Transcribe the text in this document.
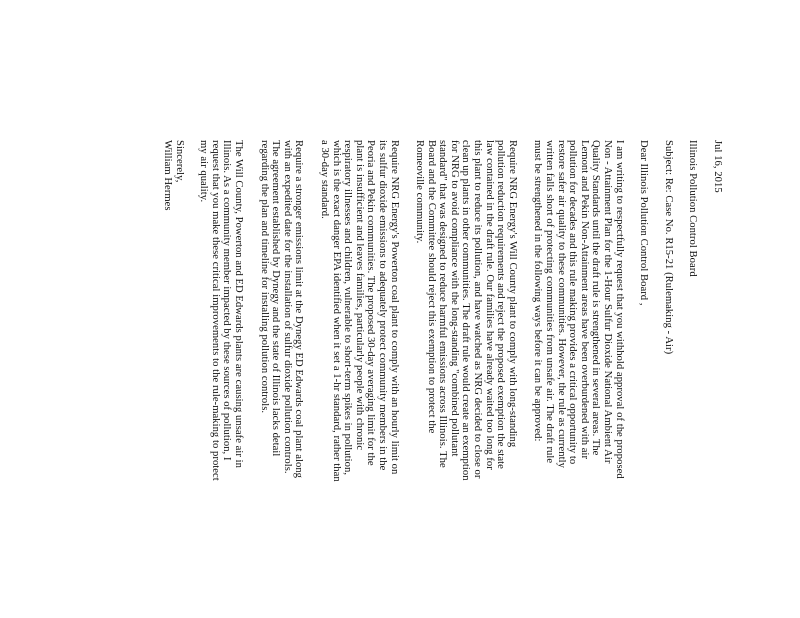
Jul 16, 2015

Illinois Pollution Control Board

Subject: Re: Case No. R15-21 (Rulemaking - Air)

Dear Illinois Pollution Control Board ,

I am writing to respectfully request that you withhold approval of the proposed Non - Attainment Plan for the 1-Hour Sulfur Dioxide National Ambient Air Quality Standards until the draft rule is strengthened in several areas. The Lemont and Pekin Non-Attainment areas have been overburdened with air pollution for decades and this rule making provides a critical opportunity to restore safer air quality to these communities. However, the rule as currently written falls short of protecting communities from unsafe air. The draft rule must be strengthened in the following ways before it can be approved:

Require NRG Energy's Will County plant to comply with long-standing pollution reduction requirements and reject the proposed exemption the state law contained in the draft rule. Our families have already waited too long for this plant to reduce its pollution, and have watched as NRG decided to close or clean up plants in other communities. The draft rule would create an exemption for NRG to avoid compliance with the long-standing "combined pollutant standard" that was designed to reduce harmful emissions across Illinois. The Board and the Committee should reject this exemption to protect the Romeoville community.

Require NRG Energy's Powerton coal plant to comply with an hourly limit on its sulfur dioxide emissions to adequately protect community members in the Peoria and Pekin communities. The proposed 30-day averaging limit for the plant is insufficient and leaves families, particularly people with chronic respiratory illnesses and children, vulnerable to short-term spikes in pollution, which is the exact danger EPA identified when it set a 1-hr standard, rather than a 30-day standard.

Require a stronger emissions limit at the Dynegy ED Edwards coal plant along with an expedited date for the installation of sulfur dioxide pollution controls. The agreement established by Dynegy and the state of Illinois lacks detail regarding the plan and timeline for installing pollution controls.

The Will County, Powerton and ED Edwards plants are causing unsafe air in Illinois. As a community member impacted by these sources of pollution, I request that you make these critical improvements to the rule-making to protect my air quality.

Sincerely,

William Hermes
